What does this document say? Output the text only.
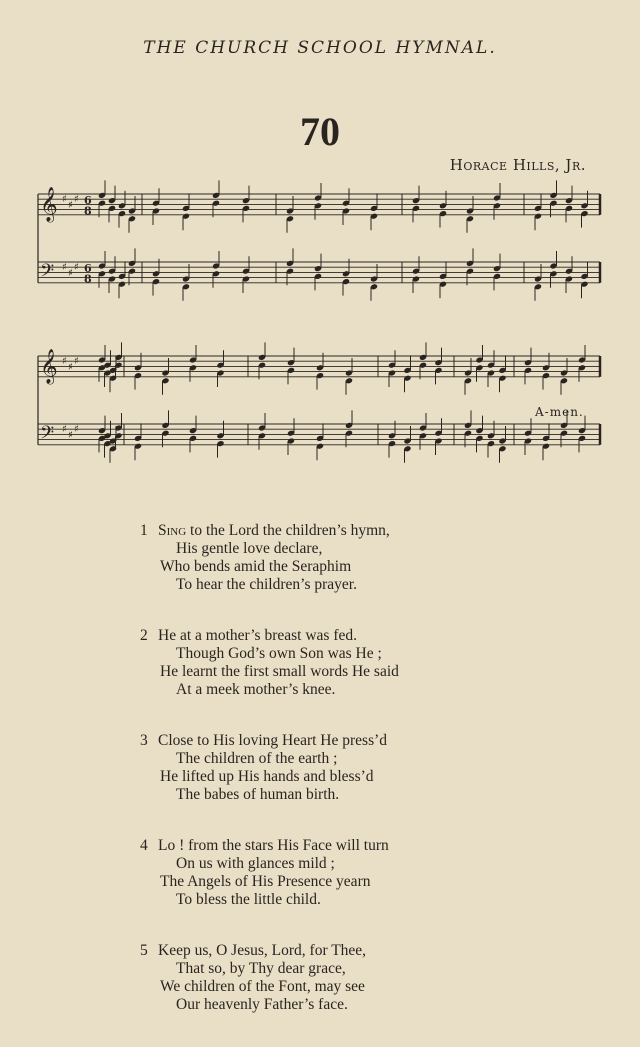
THE CHURCH SCHOOL HYMNAL.
70
Horace Hills, Jr.
𝄞 ♯
♯
♯ 6
8
𝄢 ♯
♯
♯ 6
8
𝄞 ♯
♯
♯
𝄢 ♯
♯
♯
A-men.
1 Sing to the Lord the children’s hymn,
His gentle love declare,
Who bends amid the Seraphim
To hear the children’s prayer.
2 He at a mother’s breast was fed.
Though God’s own Son was He ;
He learnt the first small words He said
At a meek mother’s knee.
3 Close to His loving Heart He press’d
The children of the earth ;
He lifted up His hands and bless’d
The babes of human birth.
4 Lo ! from the stars His Face will turn
On us with glances mild ;
The Angels of His Presence yearn
To bless the little child.
5 Keep us, O Jesus, Lord, for Thee,
That so, by Thy dear grace,
We children of the Font, may see
Our heavenly Father’s face.
